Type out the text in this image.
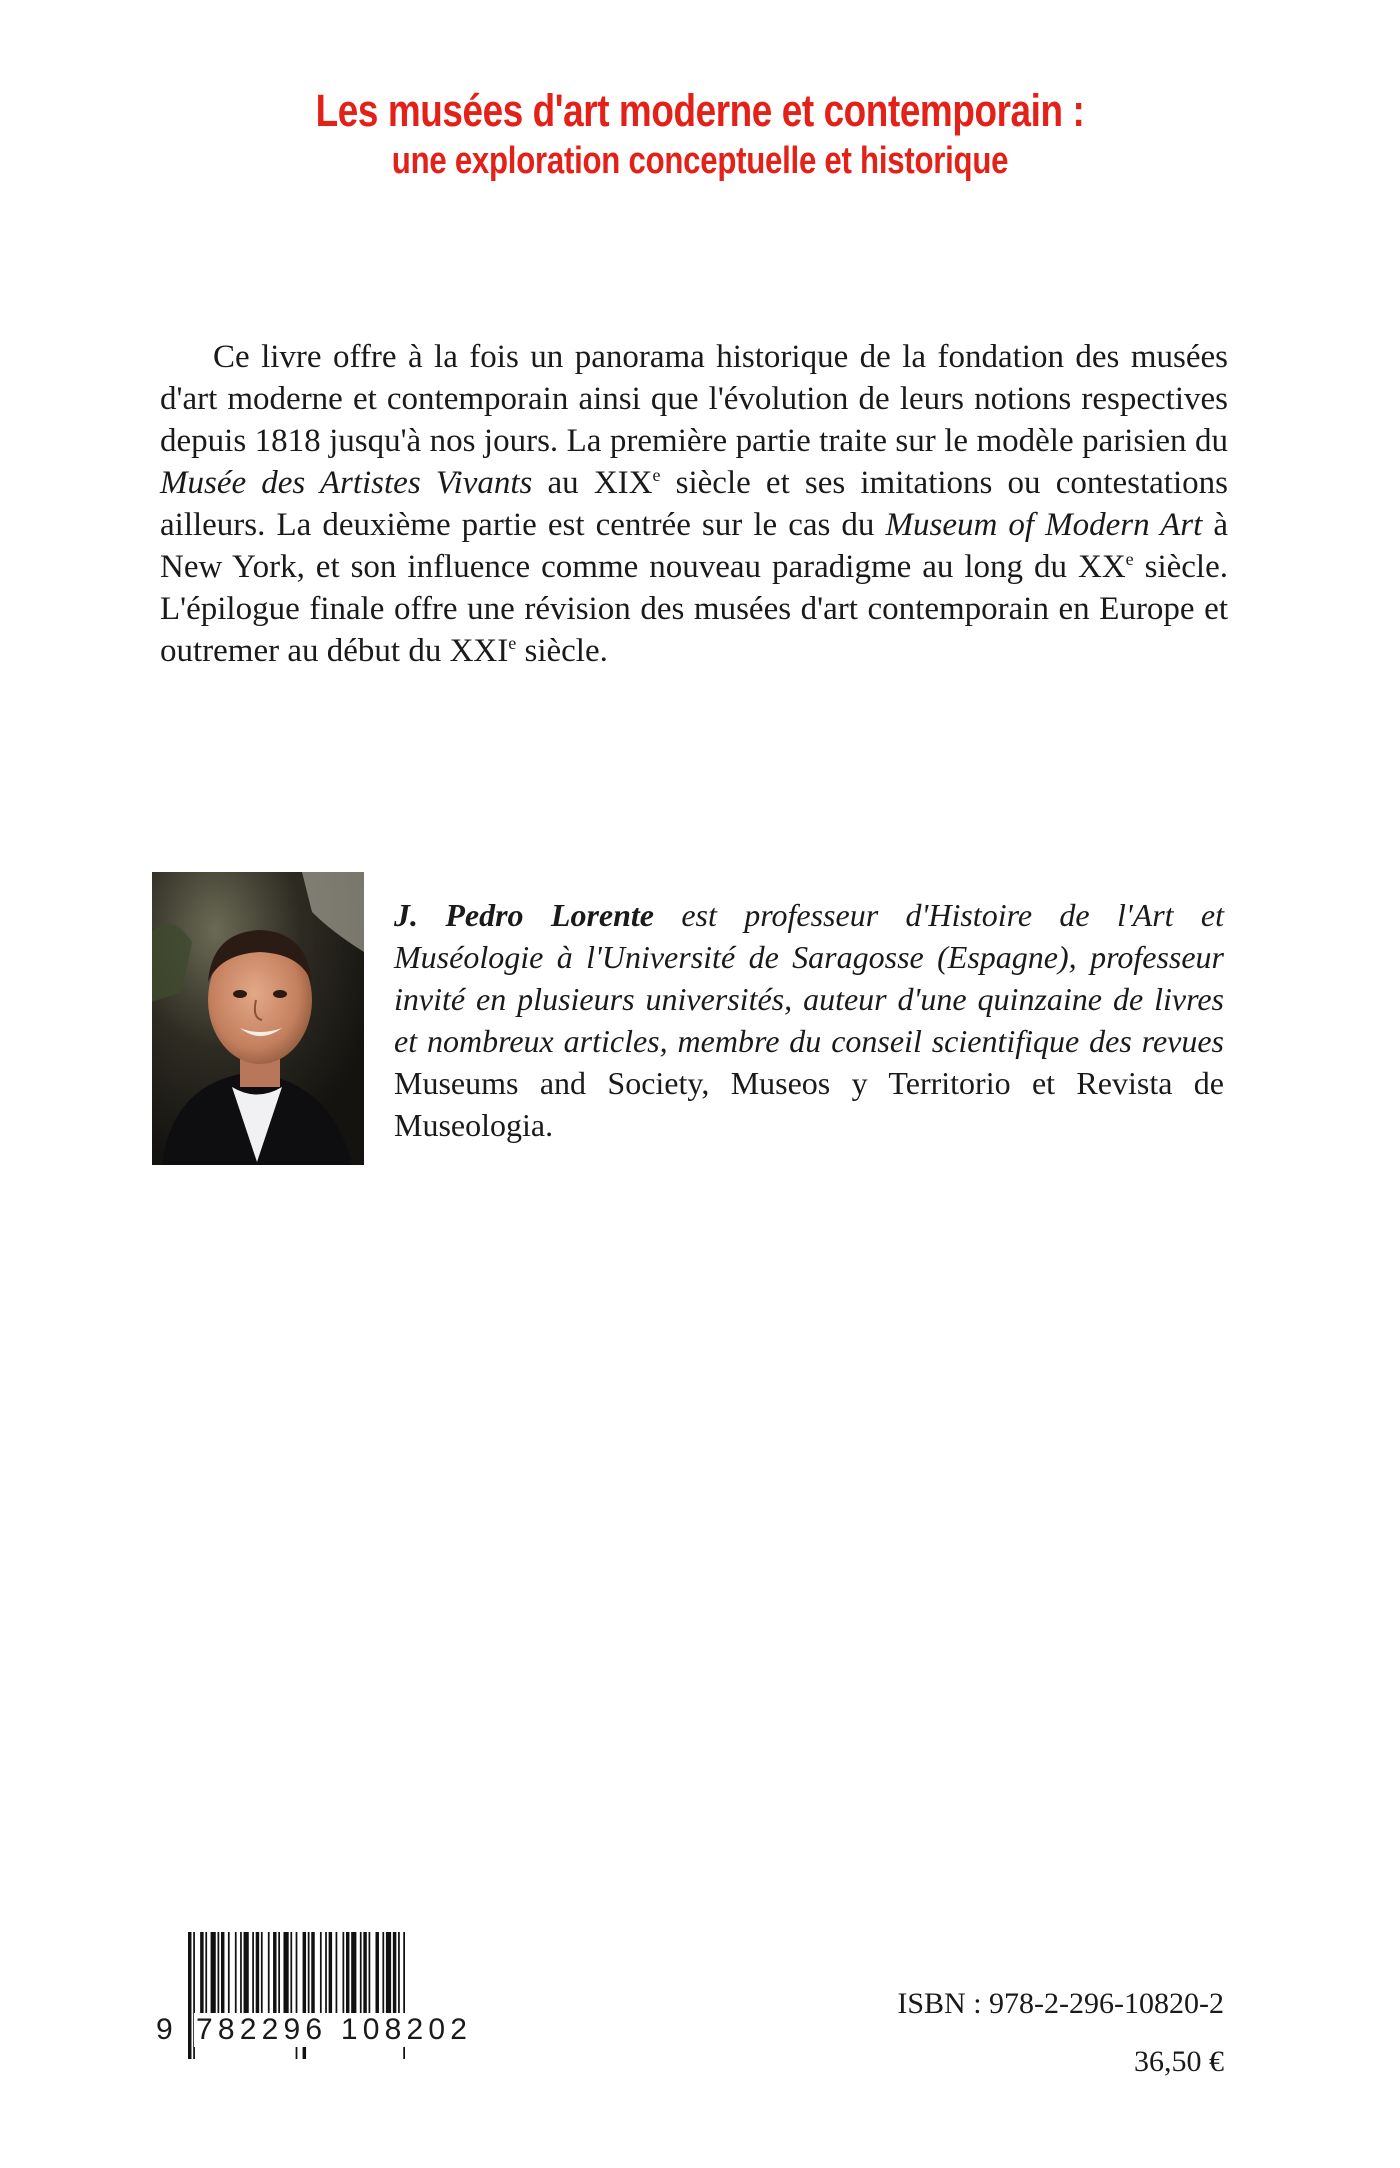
Les musées d'art moderne et contemporain :
une exploration conceptuelle et historique

Ce livre offre à la fois un panorama historique de la fondation des musées d'art moderne et contemporain ainsi que l'évolution de leurs notions respectives depuis 1818 jusqu'à nos jours. La première partie traite sur le modèle parisien du Musée des Artistes Vivants au XIXe siècle et ses imitations ou contestations ailleurs. La deuxième partie est centrée sur le cas du Museum of Modern Art à New York, et son influence comme nouveau paradigme au long du XXe siècle. L'épilogue finale offre une révision des musées d'art contemporain en Europe et outremer au début du XXIe siècle.

J. Pedro Lorente est professeur d'Histoire de l'Art et Muséologie à l'Université de Saragosse (Espagne), professeur invité en plusieurs universités, auteur d'une quinzaine de livres et nombreux articles, membre du conseil scientifique des revues Museums and Society, Museos y Territorio et Revista de Museologia.
9 782296 108202
ISBN : 978-2-296-10820-2
36,50 €
